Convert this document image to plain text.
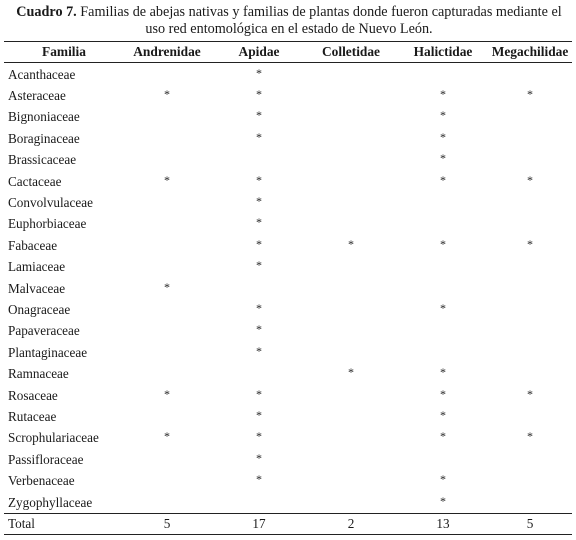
Cuadro 7. Familias de abejas nativas y familias de plantas donde fueron capturadas mediante el uso red entomológica en el estado de Nuevo León.
Familia	Andrenidae	Apidae	Colletidae	Halictidae	Megachilidae
Acanthaceae		*			
Asteraceae	*	*		*	*
Bignoniaceae		*		*	
Boraginaceae		*		*	
Brassicaceae				*	
Cactaceae	*	*		*	*
Convolvulaceae		*			
Euphorbiaceae		*			
Fabaceae		*	*	*	*
Lamiaceae		*			
Malvaceae	*				
Onagraceae		*		*	
Papaveraceae		*			
Plantaginaceae		*			
Ramnaceae			*	*	
Rosaceae	*	*		*	*
Rutaceae		*		*	
Scrophulariaceae	*	*		*	*
Passifloraceae		*			
Verbenaceae		*		*	
Zygophyllaceae				*	
Total	5	17	2	13	5
